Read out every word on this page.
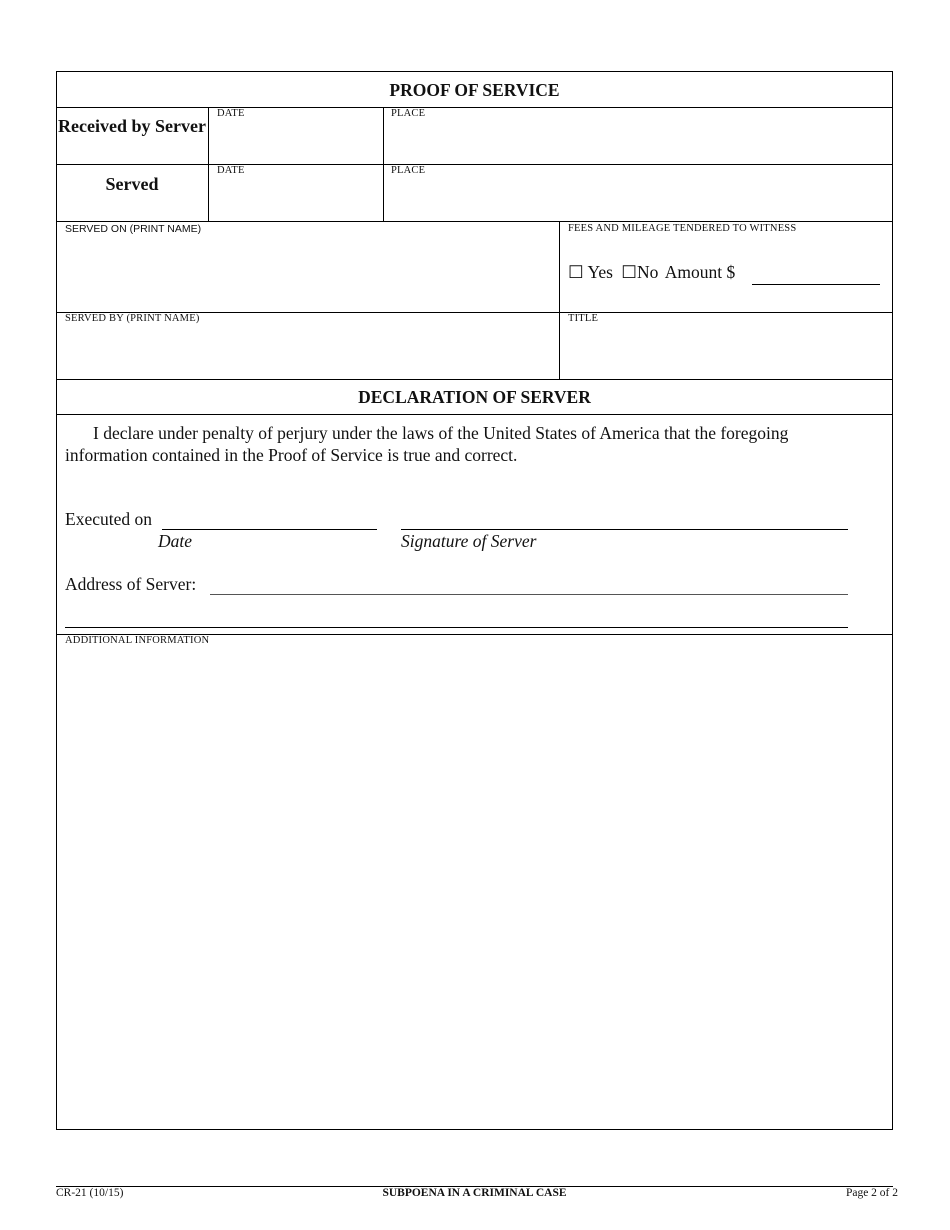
PROOF OF SERVICE
Received by Server
DATE	PLACE
Served
DATE	PLACE
SERVED ON (PRINT NAME)	FEES AND MILEAGE TENDERED TO WITNESS
☐ Yes ☐No Amount $
SERVED BY (PRINT NAME)	TITLE
DECLARATION OF SERVER
I declare under penalty of perjury under the laws of the United States of America that the foregoing information contained in the Proof of Service is true and correct.
Executed on
Date	Signature of Server
Address of Server:
ADDITIONAL INFORMATION
CR-21 (10/15)	SUBPOENA IN A CRIMINAL CASE	Page 2 of 2
